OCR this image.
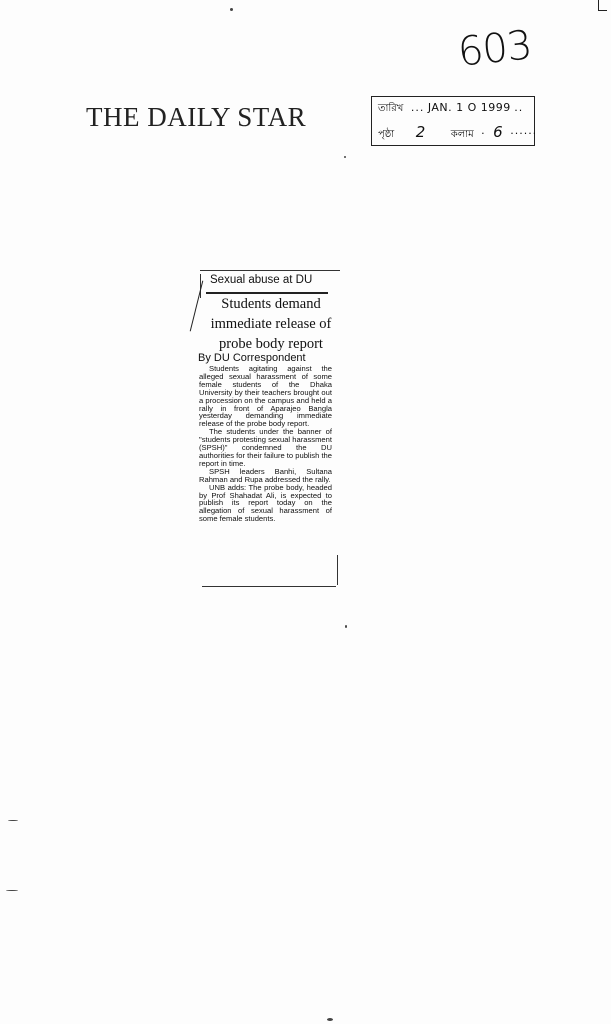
603
THE DAILY STAR	তারিখ ... JAN. 1 O 1999 ..
পৃষ্ঠা 2	কলাম · 6 ······
Sexual abuse at DU
Students demand immediate release of probe body report
By DU Correspondent

Students agitating against the alleged sexual harassment of some female students of the Dhaka University by their teachers brought out a procession on the campus and held a rally in front of Aparajeo Bangla yesterday demanding immediate release of the probe body report.

The students under the banner of "students protesting sexual harassment (SPSH)" condemned the DU authorities for their failure to publish the report in time.

SPSH leaders Banhi, Sultana Rahman and Rupa addressed the rally.

UNB adds: The probe body, headed by Prof Shahadat Ali, is expected to publish its report today on the allegation of sexual harassment of some female students.
